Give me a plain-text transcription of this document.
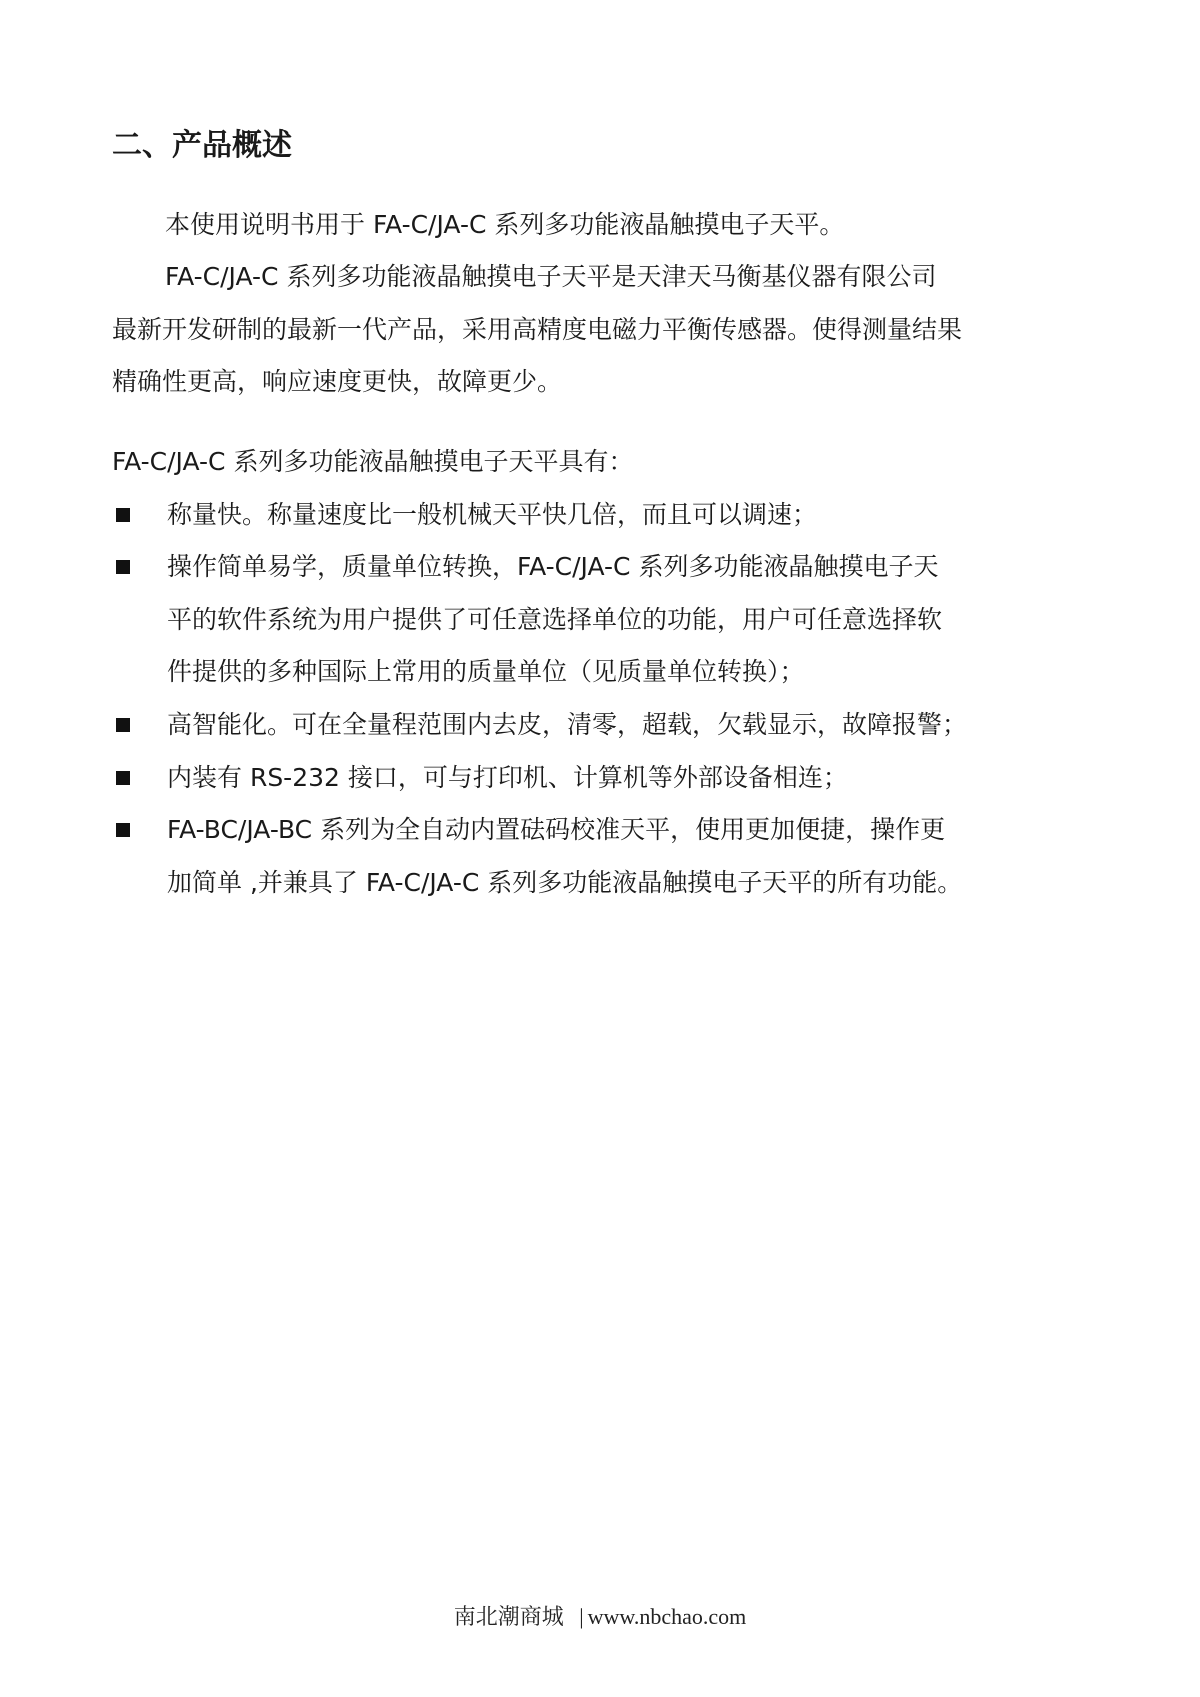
二、产品概述
本使用说明书用于 FA-C/JA-C 系列多功能液晶触摸电子天平。
FA-C/JA-C 系列多功能液晶触摸电子天平是天津天马衡基仪器有限公司
最新开发研制的最新一代产品，采用高精度电磁力平衡传感器。使得测量结果
精确性更高，响应速度更快，故障更少。
FA-C/JA-C 系列多功能液晶触摸电子天平具有：
称量快。称量速度比一般机械天平快几倍，而且可以调速；
操作简单易学，质量单位转换，FA-C/JA-C 系列多功能液晶触摸电子天
平的软件系统为用户提供了可任意选择单位的功能，用户可任意选择软
件提供的多种国际上常用的质量单位（见质量单位转换）；
高智能化。可在全量程范围内去皮，清零，超载，欠载显示，故障报警；
内装有 RS-232 接口，可与打印机、计算机等外部设备相连；
FA-BC/JA-BC 系列为全自动内置砝码校准天平，使用更加便捷，操作更
加简单 ,并兼具了 FA-C/JA-C 系列多功能液晶触摸电子天平的所有功能。
南北潮商城 | www.nbchao.com
